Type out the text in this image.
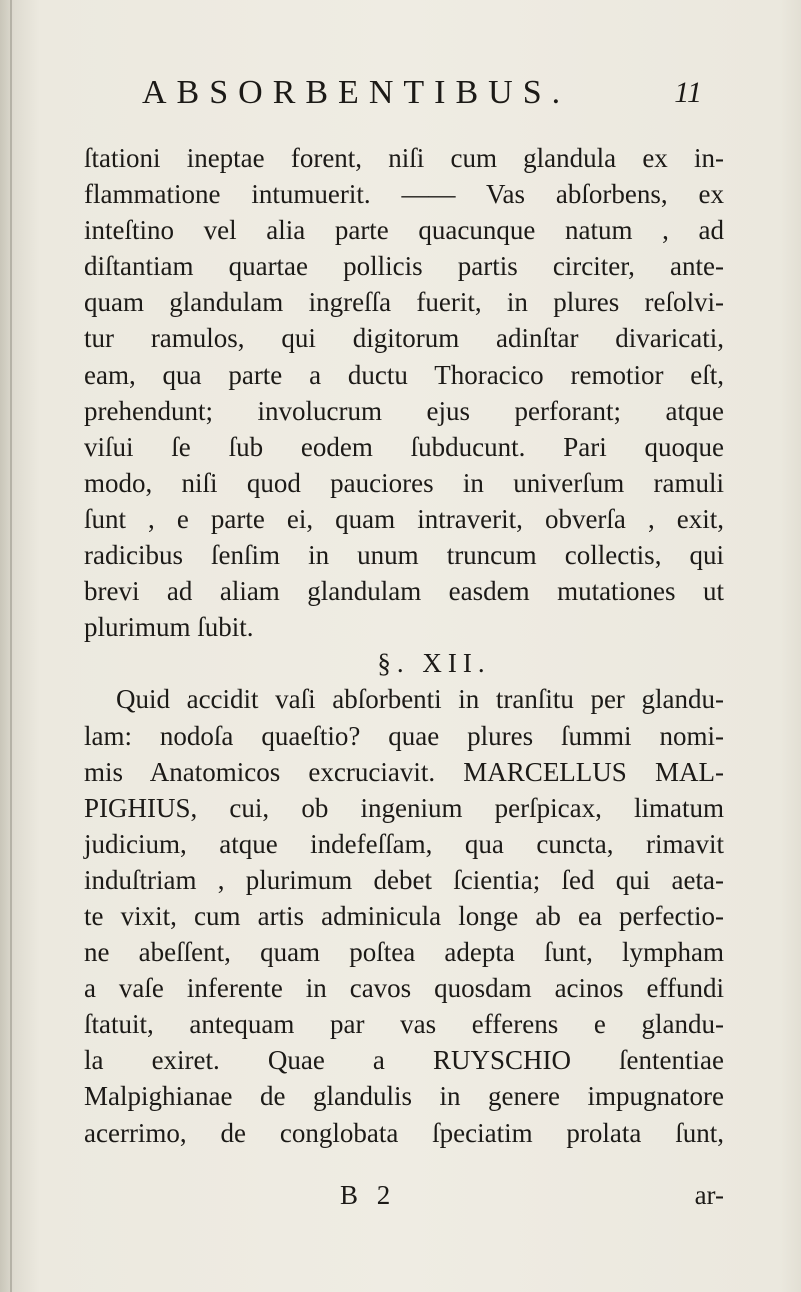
ABSORBENTIBUS.	11
ſtationi ineptae forent, niſi cum glandula ex in-
flammatione intumuerit. —— Vas abſorbens, ex
inteſtino vel alia parte quacunque natum , ad
diſtantiam quartae pollicis partis circiter, ante-
quam glandulam ingreſſa fuerit, in plures reſolvi-
tur ramulos, qui digitorum adinſtar divaricati,
eam, qua parte a ductu Thoracico remotior eſt,
prehendunt; involucrum ejus perforant; atque
viſui ſe ſub eodem ſubducunt. Pari quoque
modo, niſi quod pauciores in univerſum ramuli
ſunt , e parte ei, quam intraverit, obverſa , exit,
radicibus ſenſim in unum truncum collectis, qui
brevi ad aliam glandulam easdem mutationes ut
plurimum ſubit.
§. XII.
Quid accidit vaſi abſorbenti in tranſitu per glandu-
lam: nodoſa quaeſtio? quae plures ſummi nomi-
mis Anatomicos excruciavit. MARCELLUS MAL-
PIGHIUS, cui, ob ingenium perſpicax, limatum
judicium, atque indefeſſam, qua cuncta, rimavit
induſtriam , plurimum debet ſcientia; ſed qui aeta-
te vixit, cum artis adminicula longe ab ea perfectio-
ne abeſſent, quam poſtea adepta ſunt, lympham
a vaſe inferente in cavos quosdam acinos effundi
ſtatuit, antequam par vas efferens e glandu-
la exiret. Quae a RUYSCHIO ſententiae
Malpighianae de glandulis in genere impugnatore
acerrimo, de conglobata ſpeciatim prolata ſunt,
B 2	ar-
